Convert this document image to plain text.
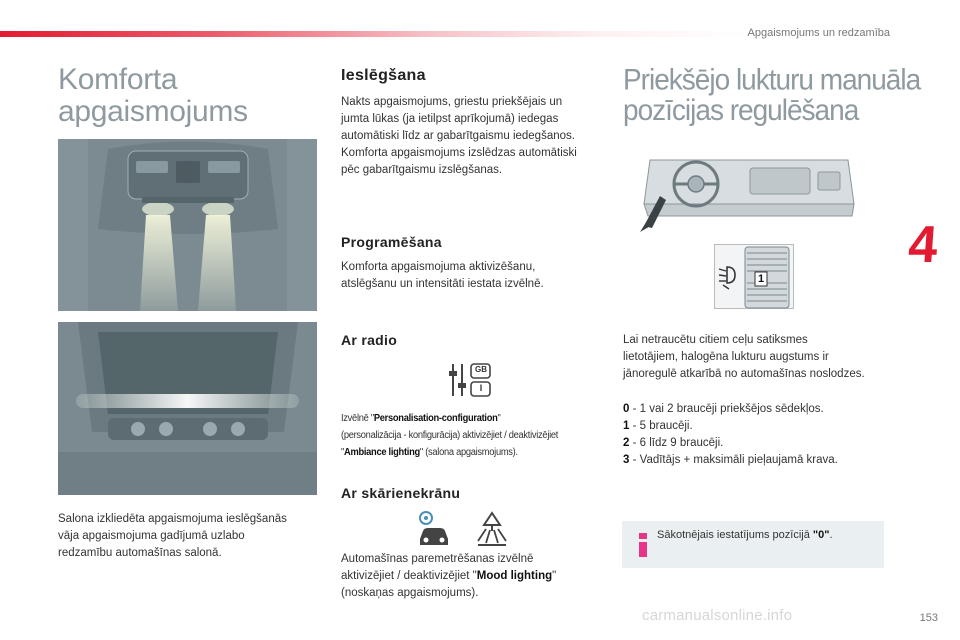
Apgaismojums un redzamība
4
Komforta
apgaismojums
Salona izkliedēta apgaismojuma ieslēgšanās
vāja apgaismojuma gadījumā uzlabo
redzamību automašīnas salonā.
Ieslēgšana
Nakts apgaismojums, griestu priekšējais un
jumta lūkas (ja ietilpst aprīkojumā) iedegas
automātiski līdz ar gabarītgaismu iedegšanos.
Komforta apgaismojums izslēdzas automātiski
pēc gabarītgaismu izslēgšanas.
Programēšana
Komforta apgaismojuma aktivizēšanu,
atslēgšanu un intensitāti iestata izvēlnē.
Ar radio
GB
I
Izvēlnē "Personalisation-configuration"
(personalizācija - konfigurācija) aktivizējiet / deaktivizējiet
"Ambiance lighting" (salona apgaismojums).
Ar skārienekrānu
Automašīnas paremetrēšanas izvēlnē
aktivizējiet / deaktivizējiet "Mood lighting"
(noskaņas apgaismojums).
Priekšējo lukturu manuāla
pozīcijas regulēšana
1
Lai netraucētu citiem ceļu satiksmes
lietotājiem, halogēna lukturu augstums ir
jānoregulē atkarībā no automašīnas noslodzes.
0 - 1 vai 2 braucēji priekšējos sēdekļos.
1 - 5 braucēji.
2 - 6 līdz 9 braucēji.
3 - Vadītājs + maksimāli pieļaujamā krava.
Sākotnējais iestatījums pozīcijā "0".
carmanualsonline.info	153
